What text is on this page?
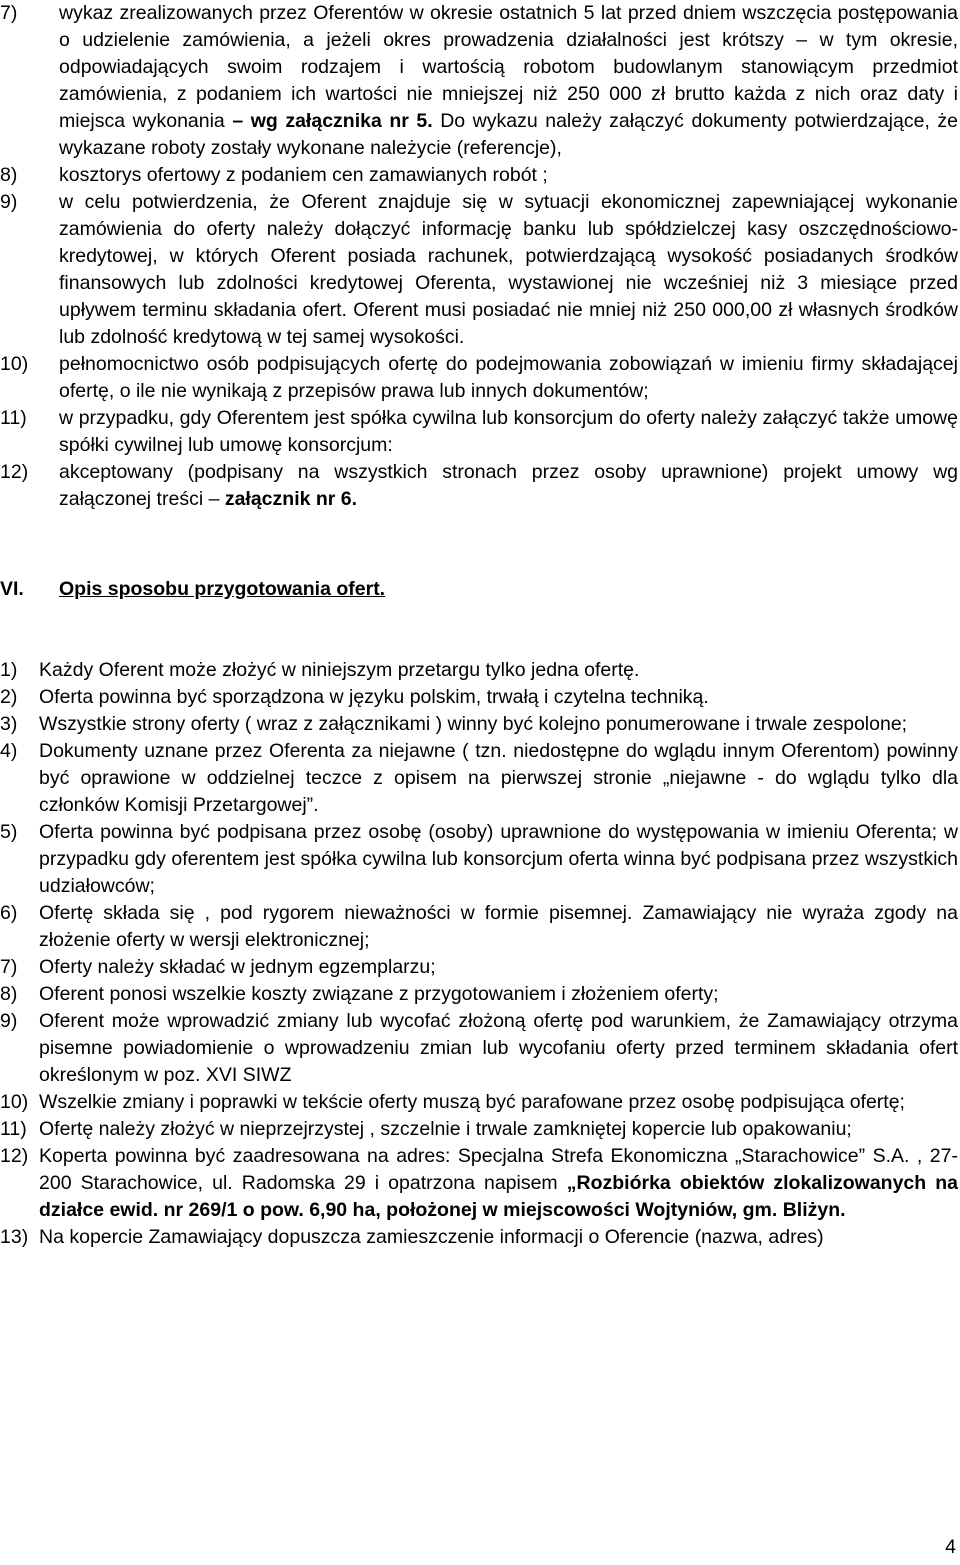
7)	wykaz zrealizowanych przez Oferentów w okresie ostatnich 5 lat przed dniem wszczęcia postępowania o udzielenie zamówienia, a jeżeli okres prowadzenia działalności jest krótszy – w tym okresie, odpowiadających swoim rodzajem i wartością robotom budowlanym stanowiącym przedmiot zamówienia, z podaniem ich wartości nie mniejszej niż 250 000 zł brutto każda z nich oraz daty i miejsca wykonania – wg załącznika nr 5. Do wykazu należy załączyć dokumenty potwierdzające, że wykazane roboty zostały wykonane należycie (referencje),
8)	kosztorys ofertowy z podaniem cen zamawianych robót ;
9)	w celu potwierdzenia, że Oferent znajduje się w sytuacji ekonomicznej zapewniającej wykonanie zamówienia do oferty należy dołączyć informację banku lub spółdzielczej kasy oszczędnościowo-kredytowej, w których Oferent posiada rachunek, potwierdzającą wysokość posiadanych środków finansowych lub zdolności kredytowej Oferenta, wystawionej nie wcześniej niż 3 miesiące przed upływem terminu składania ofert. Oferent musi posiadać nie mniej niż 250 000,00 zł własnych środków lub zdolność kredytową w tej samej wysokości.
10)	pełnomocnictwo osób podpisujących ofertę do podejmowania zobowiązań w imieniu firmy składającej ofertę, o ile nie wynikają z przepisów prawa lub innych dokumentów;
11)	w przypadku, gdy Oferentem jest spółka cywilna lub konsorcjum do oferty należy załączyć także umowę spółki cywilnej lub umowę konsorcjum:
12)	akceptowany (podpisany na wszystkich stronach przez osoby uprawnione) projekt umowy wg załączonej treści – załącznik nr 6.
VI.	Opis sposobu przygotowania ofert.
1)	Każdy Oferent może złożyć w niniejszym przetargu tylko jedna ofertę.
2)	Oferta powinna być sporządzona w języku polskim, trwałą i czytelna techniką.
3)	Wszystkie strony oferty ( wraz z załącznikami ) winny być kolejno ponumerowane i trwale zespolone;
4)	Dokumenty uznane przez Oferenta za niejawne ( tzn. niedostępne do wglądu innym Oferentom) powinny być oprawione w oddzielnej teczce z opisem na pierwszej stronie „niejawne - do wglądu tylko dla członków Komisji Przetargowej”.
5)	Oferta powinna być podpisana przez osobę (osoby) uprawnione do występowania w imieniu Oferenta; w przypadku gdy oferentem jest spółka cywilna lub konsorcjum oferta winna być podpisana przez wszystkich udziałowców;
6)	Ofertę składa się , pod rygorem nieważności w formie pisemnej. Zamawiający nie wyraża zgody na złożenie oferty w wersji elektronicznej;
7)	Oferty należy składać w jednym egzemplarzu;
8)	Oferent ponosi wszelkie koszty związane z przygotowaniem i złożeniem oferty;
9)	Oferent może wprowadzić zmiany lub wycofać złożoną ofertę pod warunkiem, że Zamawiający otrzyma pisemne powiadomienie o wprowadzeniu zmian lub wycofaniu oferty przed terminem składania ofert określonym w poz. XVI SIWZ
10) Wszelkie zmiany i poprawki w tekście oferty muszą być parafowane przez osobę podpisująca ofertę;
11) Ofertę należy złożyć w nieprzejrzystej , szczelnie i trwale zamkniętej kopercie lub opakowaniu;
12) Koperta powinna być zaadresowana na adres: Specjalna Strefa Ekonomiczna „Starachowice” S.A. , 27-200 Starachowice, ul. Radomska 29 i opatrzona napisem „Rozbiórka obiektów zlokalizowanych na działce ewid. nr 269/1 o pow. 6,90 ha, położonej w miejscowości Wojtyniów, gm. Bliżyn.
13) Na kopercie Zamawiający dopuszcza zamieszczenie informacji o Oferencie (nazwa, adres)
4
